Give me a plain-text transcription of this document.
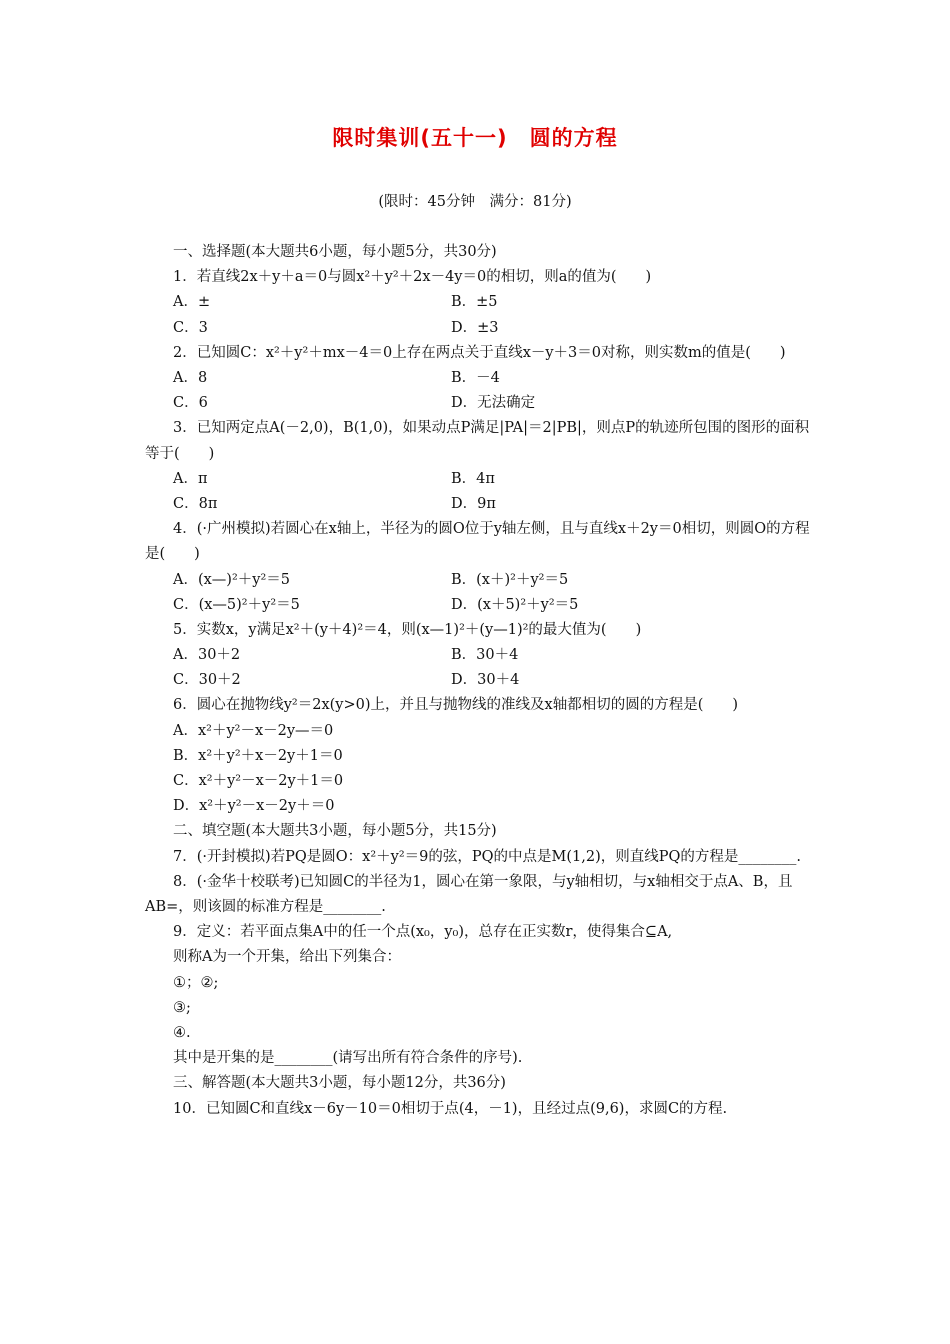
限时集训(五十一)　圆的方程
(限时：45分钟　满分：81分)
一、选择题(本大题共6小题，每小题5分，共30分)
1．若直线2x＋y＋a＝0与圆x²＋y²＋2x－4y＝0的相切，则a的值为(　　)
A．±	B．±5
C．3	D．±3
2．已知圆C：x²＋y²＋mx－4＝0上存在两点关于直线x－y＋3＝0对称，则实数m的值是(　　)
A．8	B．－4
C．6	D．无法确定
3．已知两定点A(－2,0)，B(1,0)，如果动点P满足|PA|＝2|PB|，则点P的轨迹所包围的图形的面积等于(　　)
A．π	B．4π
C．8π	D．9π
4．(·广州模拟)若圆心在x轴上，半径为的圆O位于y轴左侧，且与直线x＋2y＝0相切，则圆O的方程是(　　)
A．(x—)²＋y²＝5	B．(x＋)²＋y²＝5
C．(x—5)²＋y²＝5	D．(x＋5)²＋y²＝5
5．实数x，y满足x²＋(y＋4)²＝4，则(x—1)²＋(y—1)²的最大值为(　　)
A．30＋2	B．30＋4
C．30＋2	D．30＋4
6．圆心在抛物线y²＝2x(y>0)上，并且与抛物线的准线及x轴都相切的圆的方程是(　　)
A．x²＋y²－x－2y—＝0
B．x²＋y²＋x－2y＋1＝0
C．x²＋y²－x－2y＋1＝0
D．x²＋y²－x－2y＋＝0
二、填空题(本大题共3小题，每小题5分，共15分)
7．(·开封模拟)若PQ是圆O：x²＋y²＝9的弦，PQ的中点是M(1,2)，则直线PQ的方程是________.
8．(·金华十校联考)已知圆C的半径为1，圆心在第一象限，与y轴相切，与x轴相交于点A、B，且AB=，则该圆的标准方程是________.
9．定义：若平面点集A中的任一个点(x₀，y₀)，总存在正实数r，使得集合⊆A,
则称A为一个开集，给出下列集合：
①；②;
③;
④.
其中是开集的是________(请写出所有符合条件的序号).
三、解答题(本大题共3小题，每小题12分，共36分)
10．已知圆C和直线x－6y－10＝0相切于点(4，－1)，且经过点(9,6)，求圆C的方程.
